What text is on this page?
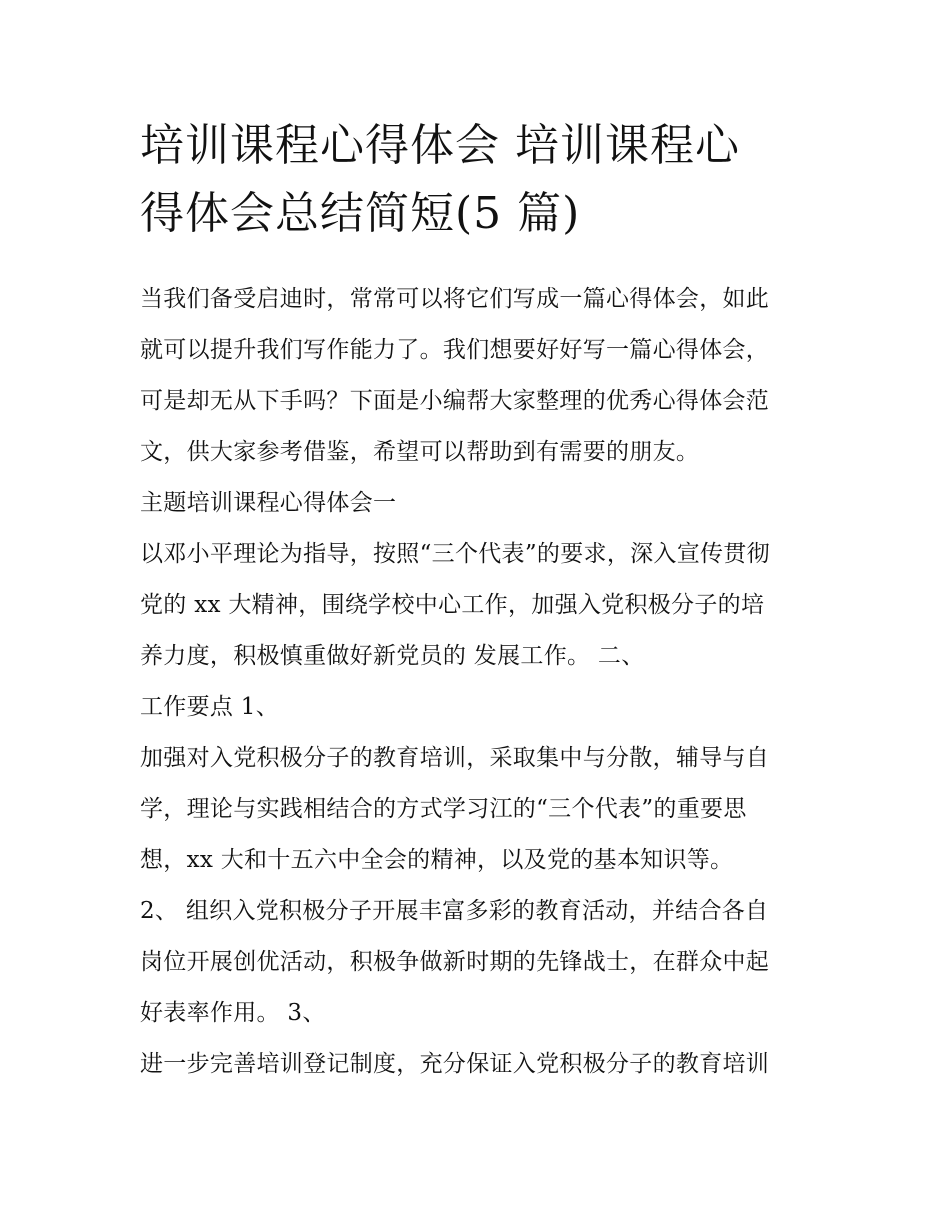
培训课程心得体会 培训课程心
得体会总结简短(5 篇)
当我们备受启迪时，常常可以将它们写成一篇心得体会，如此
就可以提升我们写作能力了。我们想要好好写一篇心得体会，
可是却无从下手吗？下面是小编帮大家整理的优秀心得体会范
文，供大家参考借鉴，希望可以帮助到有需要的朋友。
主题培训课程心得体会一
以邓小平理论为指导，按照“三个代表”的要求，深入宣传贯彻
党的 xx 大精神，围绕学校中心工作，加强入党积极分子的培
养力度，积极慎重做好新党员的 发展工作。 二、
工作要点 1、
加强对入党积极分子的教育培训，采取集中与分散，辅导与自
学，理论与实践相结合的方式学习江的“三个代表”的重要思
想，xx 大和十五六中全会的精神，以及党的基本知识等。
2、 组织入党积极分子开展丰富多彩的教育活动，并结合各自
岗位开展创优活动，积极争做新时期的先锋战士，在群众中起
好表率作用。 3、
进一步完善培训登记制度，充分保证入党积极分子的教育培训
